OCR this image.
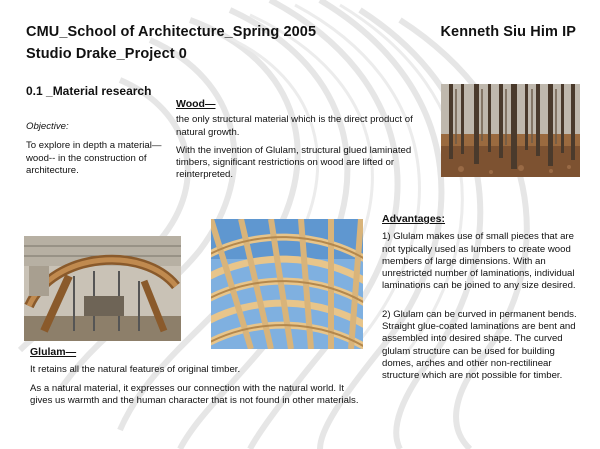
CMU_School of Architecture_Spring 2005	Kenneth Siu Him IP
Studio Drake_Project 0
0.1 _Material research
Objective:
To explore in depth a material—wood-- in the construction of architecture.
Wood—
the only structural material which is the direct product of natural growth.
With the invention of Glulam, structural glued laminated timbers, significant restrictions on wood are lifted or reinterpreted.
Advantages:
1) Glulam makes use of small pieces that are not typically used as lumbers to create wood members of large dimensions. With an unrestricted number of laminations, individual laminations can be joined to any size desired.
2) Glulam can be curved in permanent bends. Straight glue-coated laminations are bent and assembled into desired shape. The curved glulam structure can be used for building domes, arches and other non-rectilinear structure which are not possible for timber.
Glulam—
It retains all the natural features of original timber.
As a natural material, it expresses our connection with the natural world. It gives us warmth and the human character that is not found in other materials.
